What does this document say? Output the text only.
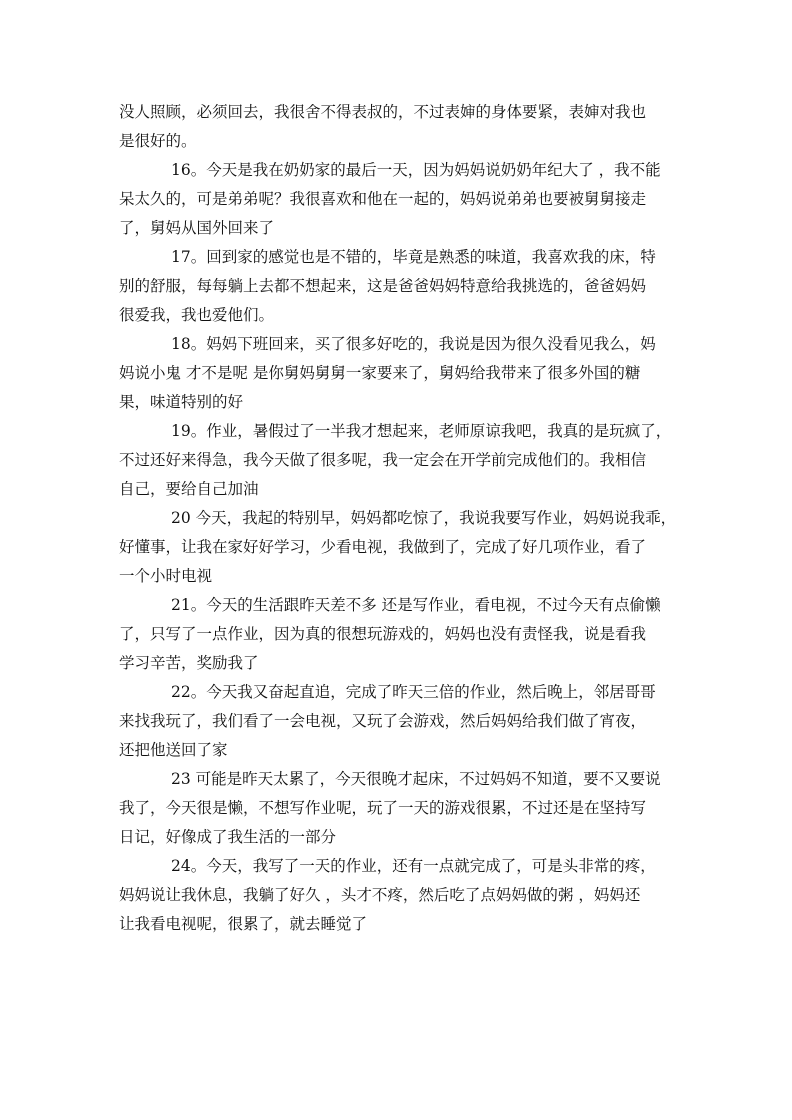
没人照顾，必须回去，我很舍不得表叔的，不过表婶的身体要紧，表婶对我也
是很好的。
16。今天是我在奶奶家的最后一天，因为妈妈说奶奶年纪大了 ，我不能
呆太久的，可是弟弟呢？我很喜欢和他在一起的，妈妈说弟弟也要被舅舅接走
了，舅妈从国外回来了
17。回到家的感觉也是不错的，毕竟是熟悉的味道，我喜欢我的床，特
别的舒服，每每躺上去都不想起来，这是爸爸妈妈特意给我挑选的，爸爸妈妈
很爱我，我也爱他们。
18。妈妈下班回来，买了很多好吃的，我说是因为很久没看见我么，妈
妈说小鬼 才不是呢 是你舅妈舅舅一家要来了，舅妈给我带来了很多外国的糖
果，味道特别的好
19。作业，暑假过了一半我才想起来，老师原谅我吧，我真的是玩疯了，
不过还好来得急，我今天做了很多呢，我一定会在开学前完成他们的。我相信
自己，要给自己加油
20 今天，我起的特别早，妈妈都吃惊了，我说我要写作业，妈妈说我乖，
好懂事，让我在家好好学习，少看电视，我做到了，完成了好几项作业，看了
一个小时电视
21。今天的生活跟昨天差不多 还是写作业，看电视，不过今天有点偷懒
了，只写了一点作业，因为真的很想玩游戏的，妈妈也没有责怪我，说是看我
学习辛苦，奖励我了
22。今天我又奋起直追，完成了昨天三倍的作业，然后晚上，邻居哥哥
来找我玩了，我们看了一会电视，又玩了会游戏，然后妈妈给我们做了宵夜，
还把他送回了家
23 可能是昨天太累了，今天很晚才起床，不过妈妈不知道，要不又要说
我了，今天很是懒，不想写作业呢，玩了一天的游戏很累，不过还是在坚持写
日记，好像成了我生活的一部分
24。今天，我写了一天的作业，还有一点就完成了，可是头非常的疼，
妈妈说让我休息，我躺了好久 ，头才不疼，然后吃了点妈妈做的粥 ，妈妈还
让我看电视呢，很累了，就去睡觉了
